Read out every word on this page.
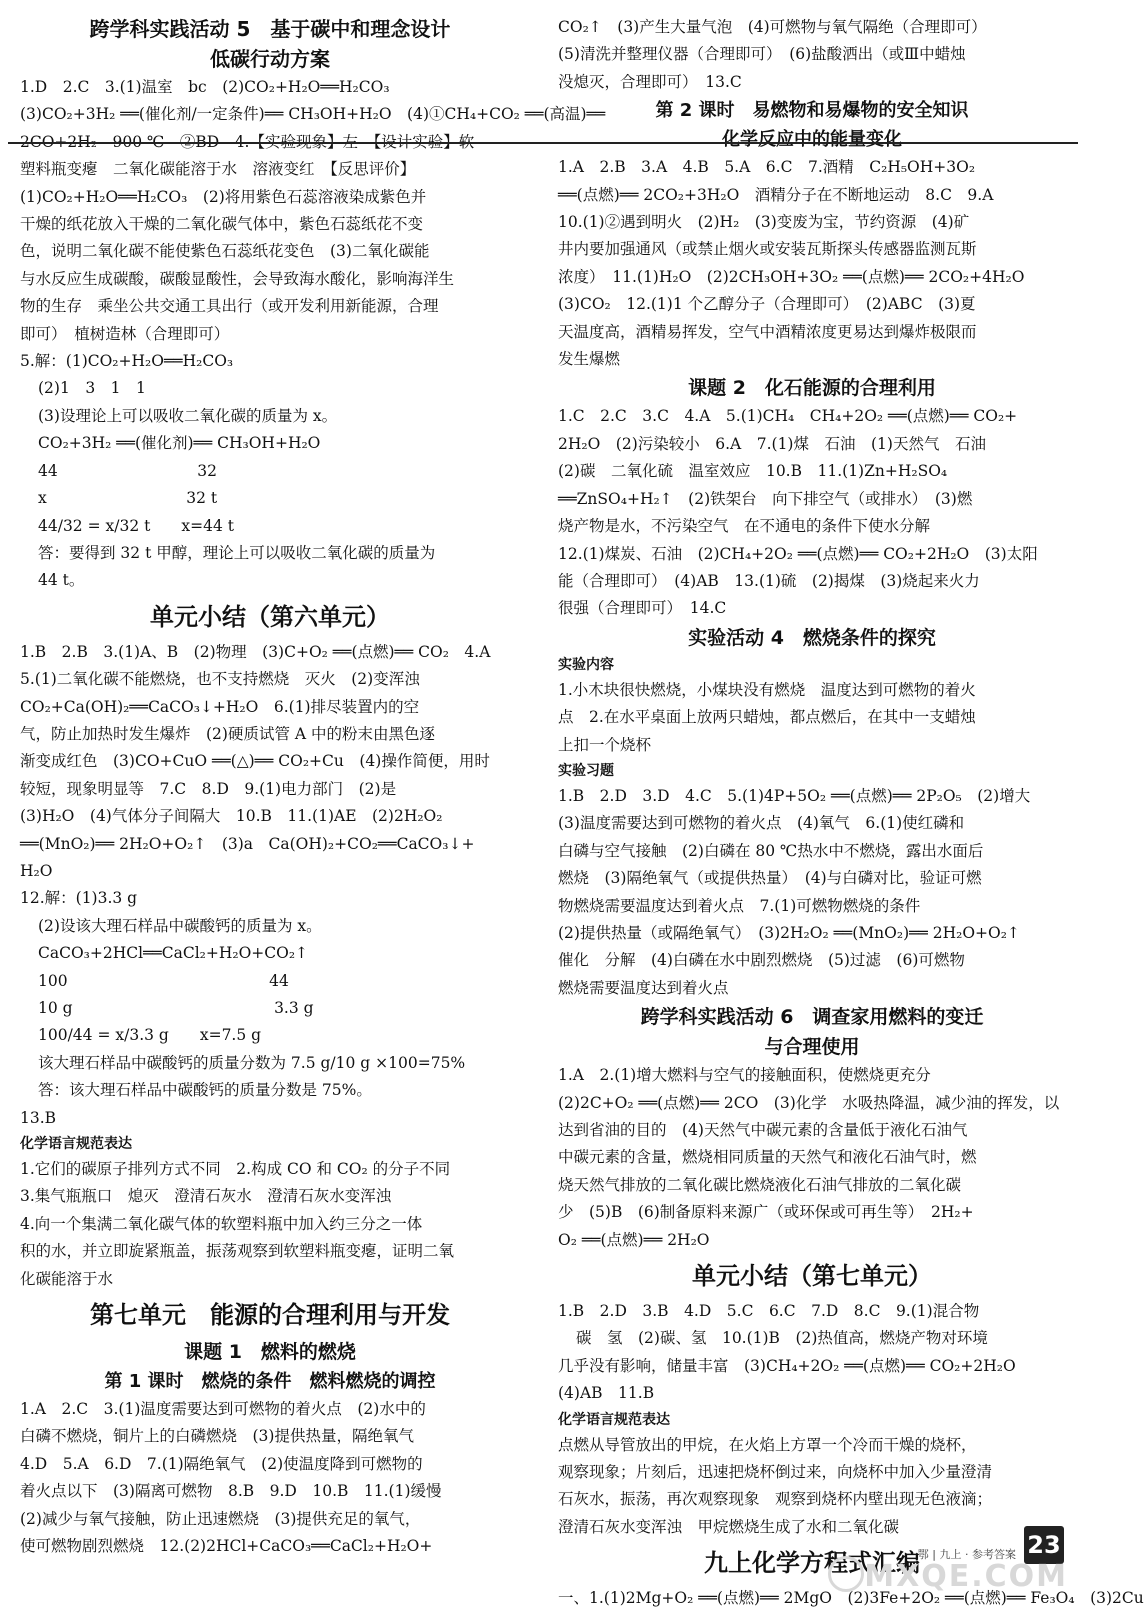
跨学科实践活动 5　基于碳中和理念设计
低碳行动方案
1.D　2.C　3.(1)温室　bc　(2)CO₂+H₂O══H₂CO₃
(3)CO₂+3H₂ ══(催化剂/一定条件)══ CH₃OH+H₂O　(4)①CH₄+CO₂ ══(高温)══
2CO+2H₂　900 ℃　②BD　4.【实验现象】左　【设计实验】软
塑料瓶变瘪　二氧化碳能溶于水　溶液变红　【反思评价】
(1)CO₂+H₂O══H₂CO₃　(2)将用紫色石蕊溶液染成紫色并
干燥的纸花放入干燥的二氧化碳气体中，紫色石蕊纸花不变
色，说明二氧化碳不能使紫色石蕊纸花变色　(3)二氧化碳能
与水反应生成碳酸，碳酸显酸性，会导致海水酸化，影响海洋生
物的生存　乘坐公共交通工具出行（或开发利用新能源，合理
即可）　植树造林（合理即可）
5.解：(1)CO₂+H₂O══H₂CO₃
(2)1　3　1　1
(3)设理论上可以吸收二氧化碳的质量为 x。
CO₂+3H₂ ══(催化剂)══ CH₃OH+H₂O
44　　　　　　　　　32
x　　　　　　　　　32 t
44/32 = x/32 t　　x=44 t
答：要得到 32 t 甲醇，理论上可以吸收二氧化碳的质量为
44 t。
单元小结（第六单元）
1.B　2.B　3.(1)A、B　(2)物理　(3)C+O₂ ══(点燃)══ CO₂　4.A
5.(1)二氧化碳不能燃烧，也不支持燃烧　灭火　(2)变浑浊
CO₂+Ca(OH)₂══CaCO₃↓+H₂O　6.(1)排尽装置内的空
气，防止加热时发生爆炸　(2)硬质试管 A 中的粉末由黑色逐
渐变成红色　(3)CO+CuO ══(△)══ CO₂+Cu　(4)操作简便，用时
较短，现象明显等　7.C　8.D　9.(1)电力部门　(2)是
(3)H₂O　(4)气体分子间隔大　10.B　11.(1)AE　(2)2H₂O₂
══(MnO₂)══ 2H₂O+O₂↑　(3)a　Ca(OH)₂+CO₂══CaCO₃↓+
H₂O
12.解：(1)3.3 g
(2)设该大理石样品中碳酸钙的质量为 x。
CaCO₃+2HCl══CaCl₂+H₂O+CO₂↑
100　　　　　　　　　　　　　44
10 g　　　　　　　　　　　　　3.3 g
100/44 = x/3.3 g　　x=7.5 g
该大理石样品中碳酸钙的质量分数为 7.5 g/10 g ×100=75%
答：该大理石样品中碳酸钙的质量分数是 75%。
13.B
化学语言规范表达
1.它们的碳原子排列方式不同　2.构成 CO 和 CO₂ 的分子不同
3.集气瓶瓶口　熄灭　澄清石灰水　澄清石灰水变浑浊
4.向一个集满二氧化碳气体的软塑料瓶中加入约三分之一体
积的水，并立即旋紧瓶盖，振荡观察到软塑料瓶变瘪，证明二氧
化碳能溶于水
第七单元　能源的合理利用与开发
课题 1　燃料的燃烧
第 1 课时　燃烧的条件　燃料燃烧的调控
1.A　2.C　3.(1)温度需要达到可燃物的着火点　(2)水中的
白磷不燃烧，铜片上的白磷燃烧　(3)提供热量，隔绝氧气
4.D　5.A　6.D　7.(1)隔绝氧气　(2)使温度降到可燃物的
着火点以下　(3)隔离可燃物　8.B　9.D　10.B　11.(1)缓慢
(2)减少与氧气接触，防止迅速燃烧　(3)提供充足的氧气，
使可燃物剧烈燃烧　12.(2)2HCl+CaCO₃══CaCl₂+H₂O+
CO₂↑　(3)产生大量气泡　(4)可燃物与氧气隔绝（合理即可）
(5)清洗并整理仪器（合理即可）　(6)盐酸洒出（或Ⅲ中蜡烛
没熄灭，合理即可）　13.C
第 2 课时　易燃物和易爆物的安全知识
化学反应中的能量变化
1.A　2.B　3.A　4.B　5.A　6.C　7.酒精　C₂H₅OH+3O₂
══(点燃)══ 2CO₂+3H₂O　酒精分子在不断地运动　8.C　9.A
10.(1)②遇到明火　(2)H₂　(3)变废为宝，节约资源　(4)矿
井内要加强通风（或禁止烟火或安装瓦斯探头传感器监测瓦斯
浓度）　11.(1)H₂O　(2)2CH₃OH+3O₂ ══(点燃)══ 2CO₂+4H₂O
(3)CO₂　12.(1)1 个乙醇分子（合理即可）　(2)ABC　(3)夏
天温度高，酒精易挥发，空气中酒精浓度更易达到爆炸极限而
发生爆燃
课题 2　化石能源的合理利用
1.C　2.C　3.C　4.A　5.(1)CH₄　CH₄+2O₂ ══(点燃)══ CO₂+
2H₂O　(2)污染较小　6.A　7.(1)煤　石油　(1)天然气　石油
(2)碳　二氧化硫　温室效应　10.B　11.(1)Zn+H₂SO₄
══ZnSO₄+H₂↑　(2)铁架台　向下排空气（或排水）　(3)燃
烧产物是水，不污染空气　在不通电的条件下使水分解
12.(1)煤炭、石油　(2)CH₄+2O₂ ══(点燃)══ CO₂+2H₂O　(3)太阳
能（合理即可）　(4)AB　13.(1)硫　(2)揭煤　(3)烧起来火力
很强（合理即可）　14.C
实验活动 4　燃烧条件的探究
实验内容
1.小木块很快燃烧，小煤块没有燃烧　温度达到可燃物的着火
点　2.在水平桌面上放两只蜡烛，都点燃后，在其中一支蜡烛
上扣一个烧杯
实验习题
1.B　2.D　3.D　4.C　5.(1)4P+5O₂ ══(点燃)══ 2P₂O₅　(2)增大
(3)温度需要达到可燃物的着火点　(4)氧气　6.(1)使红磷和
白磷与空气接触　(2)白磷在 80 ℃热水中不燃烧，露出水面后
燃烧　(3)隔绝氧气（或提供热量）　(4)与白磷对比，验证可燃
物燃烧需要温度达到着火点　7.(1)可燃物燃烧的条件
(2)提供热量（或隔绝氧气）　(3)2H₂O₂ ══(MnO₂)══ 2H₂O+O₂↑
催化　分解　(4)白磷在水中剧烈燃烧　(5)过滤　(6)可燃物
燃烧需要温度达到着火点
跨学科实践活动 6　调查家用燃料的变迁
与合理使用
1.A　2.(1)增大燃料与空气的接触面积，使燃烧更充分
(2)2C+O₂ ══(点燃)══ 2CO　(3)化学　水吸热降温，减少油的挥发，以
达到省油的目的　(4)天然气中碳元素的含量低于液化石油气
中碳元素的含量，燃烧相同质量的天然气和液化石油气时，燃
烧天然气排放的二氧化碳比燃烧液化石油气排放的二氧化碳
少　(5)B　(6)制备原料来源广（或环保或可再生等）　2H₂+
O₂ ══(点燃)══ 2H₂O
单元小结（第七单元）
1.B　2.D　3.B　4.D　5.C　6.C　7.D　8.C　9.(1)混合物
碳　氢　(2)碳、氢　10.(1)B　(2)热值高，燃烧产物对环境
几乎没有影响，储量丰富　(3)CH₄+2O₂ ══(点燃)══ CO₂+2H₂O
(4)AB　11.B
化学语言规范表达
点燃从导管放出的甲烷，在火焰上方罩一个冷而干燥的烧杯，
观察现象；片刻后，迅速把烧杯倒过来，向烧杯中加入少量澄清
石灰水，振荡，再次观察现象　观察到烧杯内壁出现无色液滴；
澄清石灰水变浑浊　甲烷燃烧生成了水和二氧化碳
九上化学方程式汇编
一、1.(1)2Mg+O₂ ══(点燃)══ 2MgO　(2)3Fe+2O₂ ══(点燃)══ Fe₃O₄　(3)2Cu
鄂 | 九上 · 参考答案 23
MXQE.COM
